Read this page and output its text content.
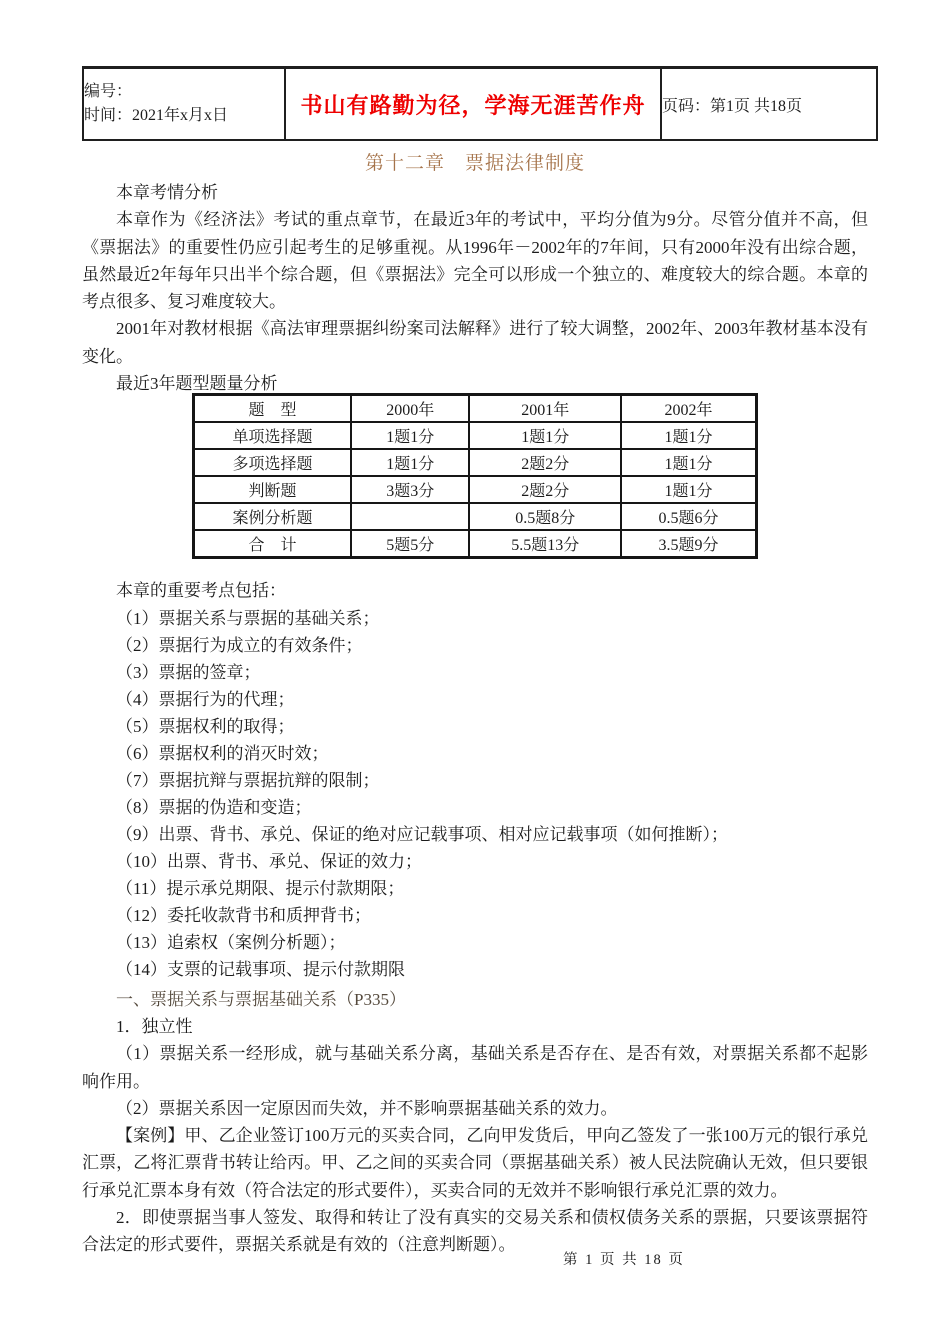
编号：
时间：2021年x月x日	书山有路勤为径，学海无涯苦作舟	页码：第1页 共18页
第十二章　票据法律制度

本章考情分析

本章作为《经济法》考试的重点章节，在最近3年的考试中，平均分值为9分。尽管分值并不高，但《票据法》的重要性仍应引起考生的足够重视。从1996年－2002年的7年间，只有2000年没有出综合题，虽然最近2年每年只出半个综合题，但《票据法》完全可以形成一个独立的、难度较大的综合题。本章的考点很多、复习难度较大。

2001年对教材根据《高法审理票据纠纷案司法解释》进行了较大调整，2002年、2003年教材基本没有变化。

最近3年题型题量分析

题　型	2000年	2001年	2002年
单项选择题	1题1分	1题1分	1题1分
多项选择题	1题1分	2题2分	1题1分
判断题	3题3分	2题2分	1题1分
案例分析题		0.5题8分	0.5题6分
合　计	5题5分	5.5题13分	3.5题9分

本章的重要考点包括：

（1）票据关系与票据的基础关系；

（2）票据行为成立的有效条件；

（3）票据的签章；

（4）票据行为的代理；

（5）票据权利的取得；

（6）票据权利的消灭时效；

（7）票据抗辩与票据抗辩的限制；

（8）票据的伪造和变造；

（9）出票、背书、承兑、保证的绝对应记载事项、相对应记载事项（如何推断）；

（10）出票、背书、承兑、保证的效力；

（11）提示承兑期限、提示付款期限；

（12）委托收款背书和质押背书；

（13）追索权（案例分析题）；

（14）支票的记载事项、提示付款期限

一、票据关系与票据基础关系（P335）

1．独立性

（1）票据关系一经形成，就与基础关系分离，基础关系是否存在、是否有效，对票据关系都不起影响作用。

（2）票据关系因一定原因而失效，并不影响票据基础关系的效力。

【案例】甲、乙企业签订100万元的买卖合同，乙向甲发货后，甲向乙签发了一张100万元的银行承兑汇票，乙将汇票背书转让给丙。甲、乙之间的买卖合同（票据基础关系）被人民法院确认无效，但只要银行承兑汇票本身有效（符合法定的形式要件），买卖合同的无效并不影响银行承兑汇票的效力。

2．即使票据当事人签发、取得和转让了没有真实的交易关系和债权债务关系的票据，只要该票据符合法定的形式要件，票据关系就是有效的（注意判断题）。

第 1 页 共 18 页
